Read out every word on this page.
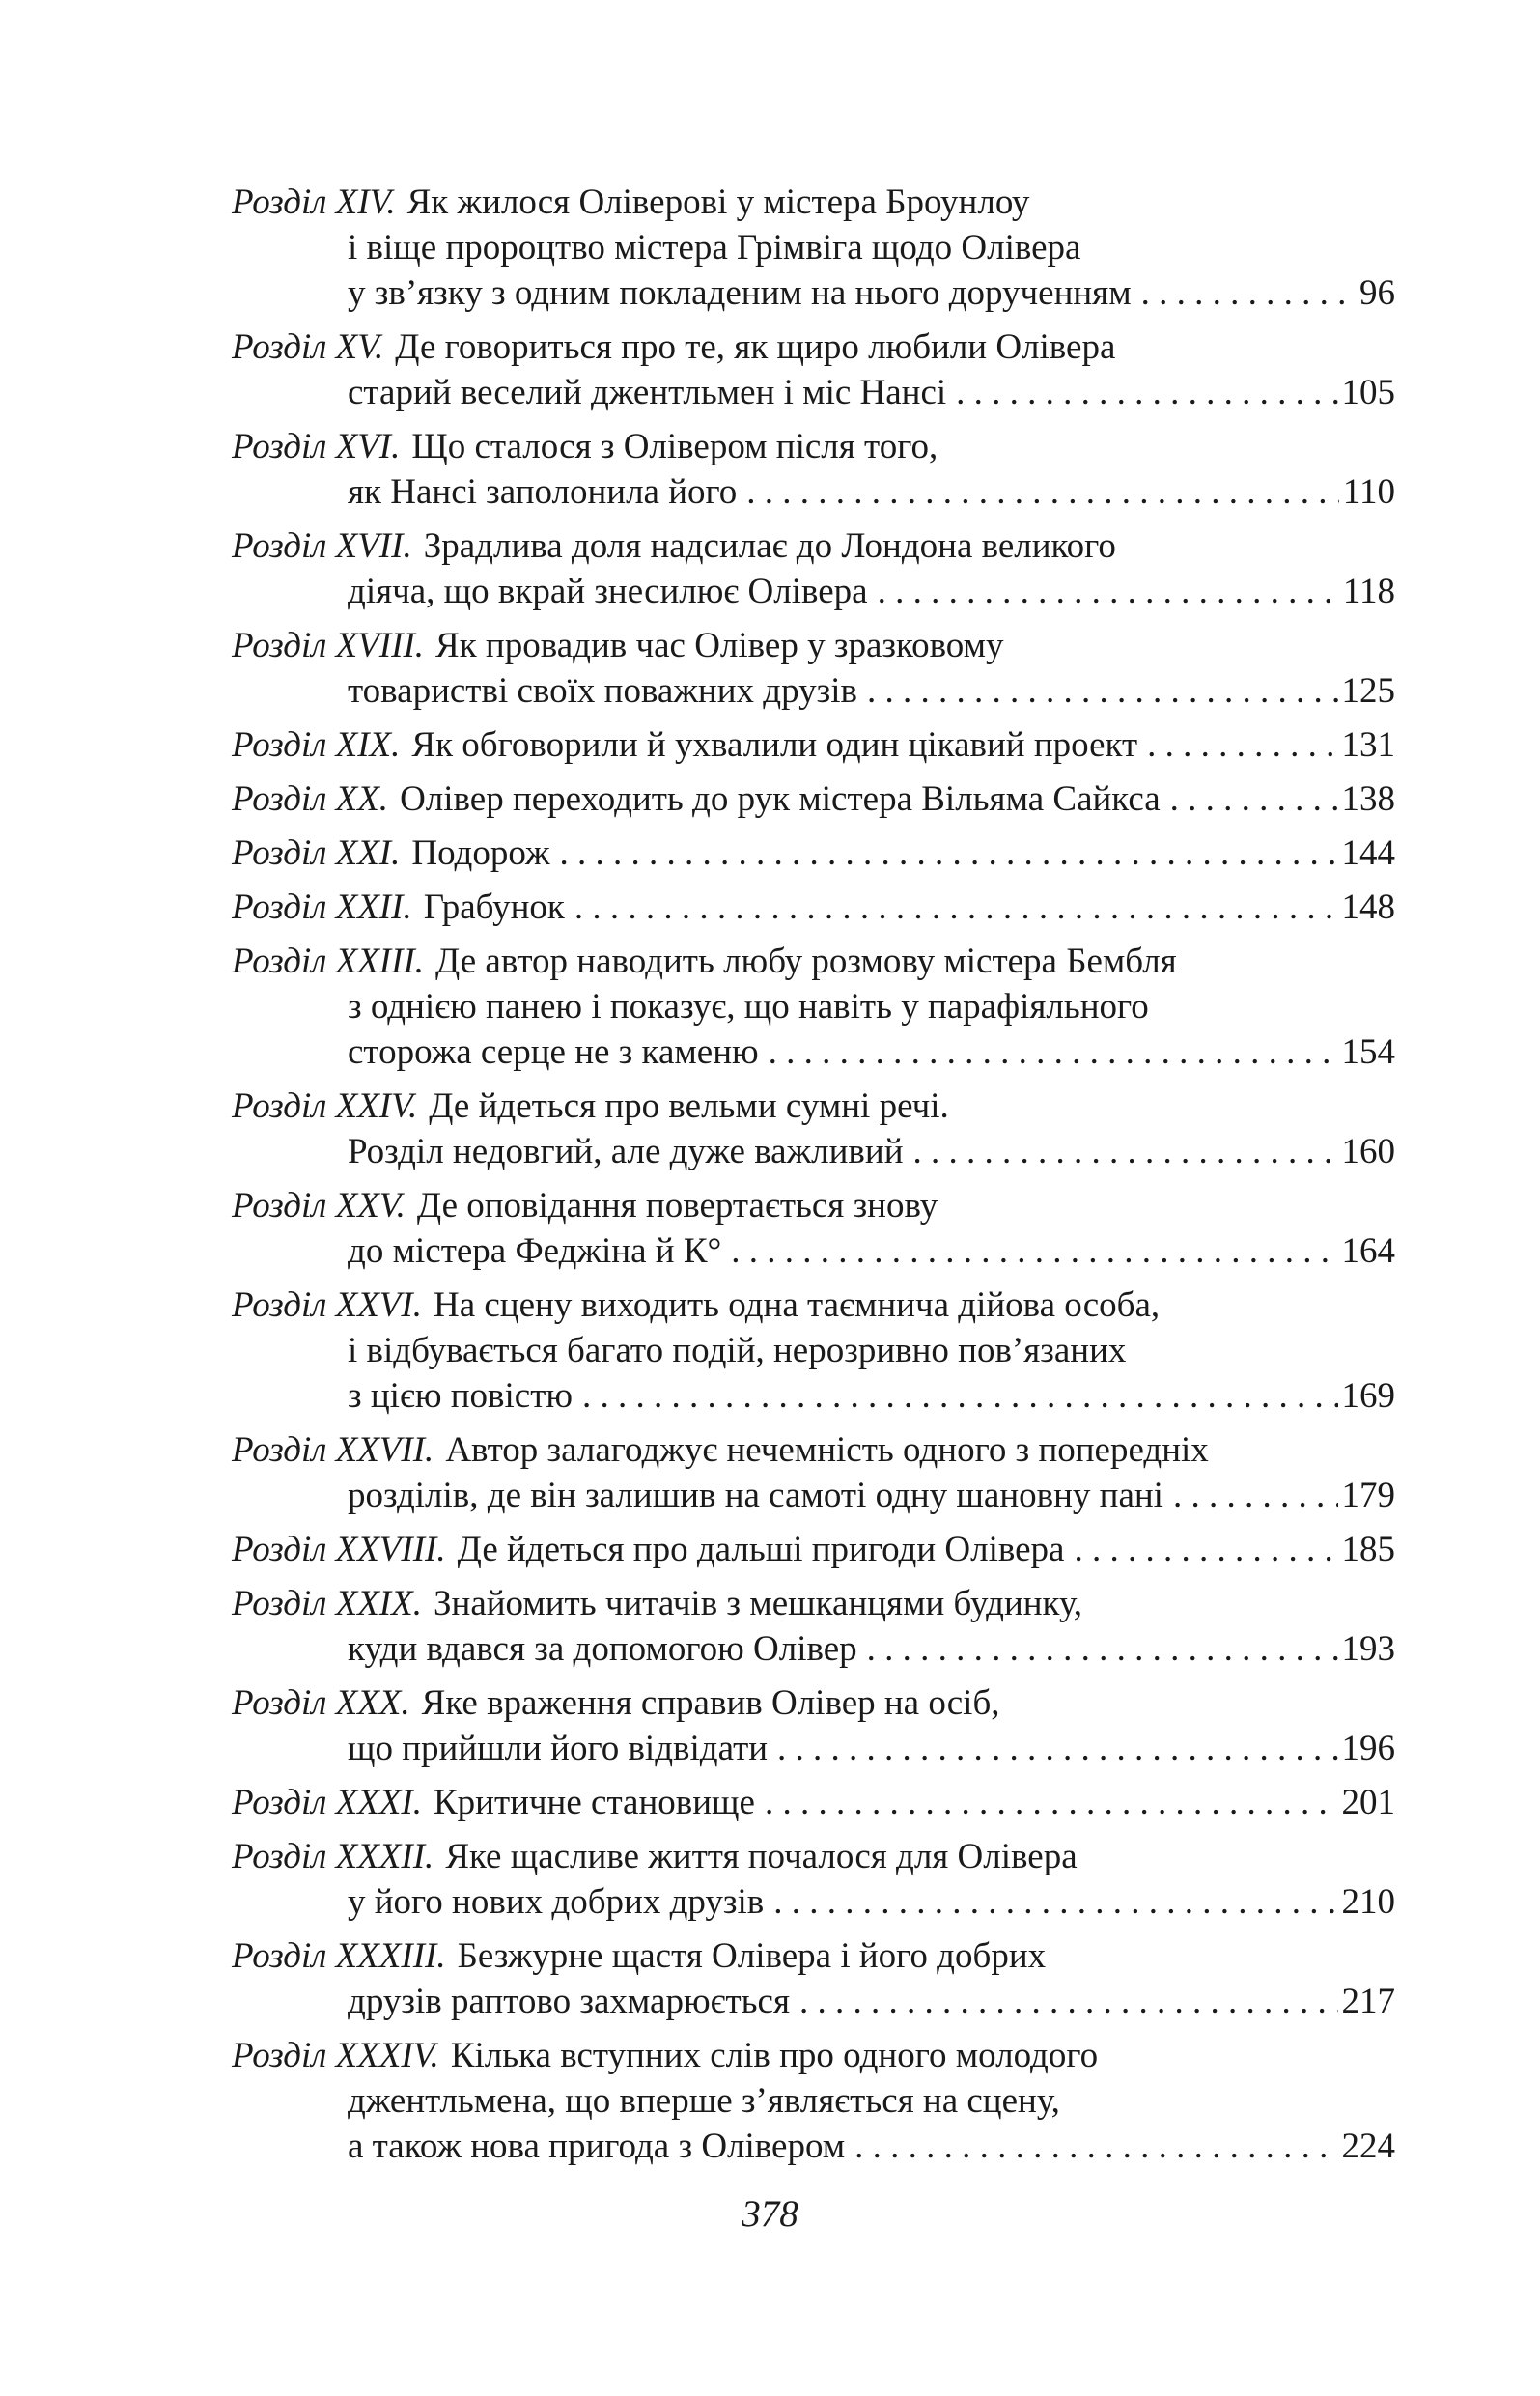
Розділ XIV. Як жилося Оліверові у містера Броунлоу
і віще пророцтво містера Грімвіга щодо Олівера
у зв’язку з одним покладеним на нього дорученням . . .	96
Розділ XV. Де говориться про те, як щиро любили Олівера
старий веселий джентльмен і міс Нансі . . .	105
Розділ XVI. Що сталося з Олівером після того,
як Нансі заполонила його . . .	110
Розділ XVII. Зрадлива доля надсилає до Лондона великого
діяча, що вкрай знесилює Олівера . . .	118
Розділ XVIII. Як провадив час Олівер у зразковому
товаристві своїх поважних друзів . . .	125
Розділ XIX. Як обговорили й ухвалили один цікавий проект . . .	131
Розділ XX. Олівер переходить до рук містера Вільяма Сайкса . . .	138
Розділ XXI. Подорож . . .	144
Розділ XXII. Грабунок . . .	148
Розділ XXIII. Де автор наводить любу розмову містера Бембля
з однією панею і показує, що навіть у парафіяльного
сторожа серце не з каменю . . .	154
Розділ XXIV. Де йдеться про вельми сумні речі.
Розділ недовгий, але дуже важливий . . .	160
Розділ XXV. Де оповідання повертається знову
до містера Феджіна й К° . . .	164
Розділ XXVI. На сцену виходить одна таємнича дійова особа,
і відбувається багато подій, нерозривно пов’язаних
з цією повістю . . .	169
Розділ XXVII. Автор залагоджує нечемність одного з попередніх
розділів, де він залишив на самоті одну шановну пані . . .	179
Розділ XXVIII. Де йдеться про дальші пригоди Олівера . . .	185
Розділ XXIX. Знайомить читачів з мешканцями будинку,
куди вдався за допомогою Олівер . . .	193
Розділ XXX. Яке враження справив Олівер на осіб,
що прийшли його відвідати . . .	196
Розділ XXXI. Критичне становище . . .	201
Розділ XXXII. Яке щасливе життя почалося для Олівера
у його нових добрих друзів . . .	210
Розділ XXXIII. Безжурне щастя Олівера і його добрих
друзів раптово захмарюється . . .	217
Розділ XXXIV. Кілька вступних слів про одного молодого
джентльмена, що вперше з’являється на сцену,
а також нова пригода з Олівером . . .	224
378
